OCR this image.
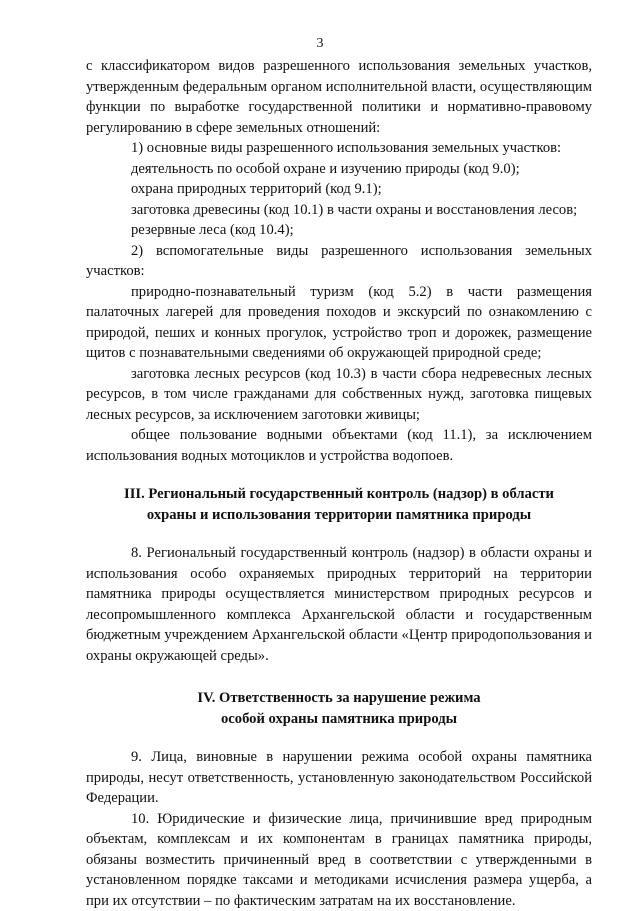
3

с классификатором видов разрешенного использования земельных участков, утвержденным федеральным органом исполнительной власти, осуществляющим функции по выработке государственной политики и нормативно-правовому регулированию в сфере земельных отношений:

1) основные виды разрешенного использования земельных участков:

деятельность по особой охране и изучению природы (код 9.0);

охрана природных территорий (код 9.1);

заготовка древесины (код 10.1) в части охраны и восстановления лесов;

резервные леса (код 10.4);

2) вспомогательные виды разрешенного использования земельных участков:

природно-познавательный туризм (код 5.2) в части размещения палаточных лагерей для проведения походов и экскурсий по ознакомлению с природой, пеших и конных прогулок, устройство троп и дорожек, размещение щитов с познавательными сведениями об окружающей природной среде;

заготовка лесных ресурсов (код 10.3) в части сбора недревесных лесных ресурсов, в том числе гражданами для собственных нужд, заготовка пищевых лесных ресурсов, за исключением заготовки живицы;

общее пользование водными объектами (код 11.1), за исключением использования водных мотоциклов и устройства водопоев.

III. Региональный государственный контроль (надзор) в области
охраны и использования территории памятника природы

8. Региональный государственный контроль (надзор) в области охраны и использования особо охраняемых природных территорий на территории памятника природы осуществляется министерством природных ресурсов и лесопромышленного комплекса Архангельской области и государственным бюджетным учреждением Архангельской области «Центр природопользования и охраны окружающей среды».

IV. Ответственность за нарушение режима
особой охраны памятника природы

9. Лица, виновные в нарушении режима особой охраны памятника природы, несут ответственность, установленную законодательством Российской Федерации.

10. Юридические и физические лица, причинившие вред природным объектам, комплексам и их компонентам в границах памятника природы, обязаны возместить причиненный вред в соответствии с утвержденными в установленном порядке таксами и методиками исчисления размера ущерба, а при их отсутствии – по фактическим затратам на их восстановление.
